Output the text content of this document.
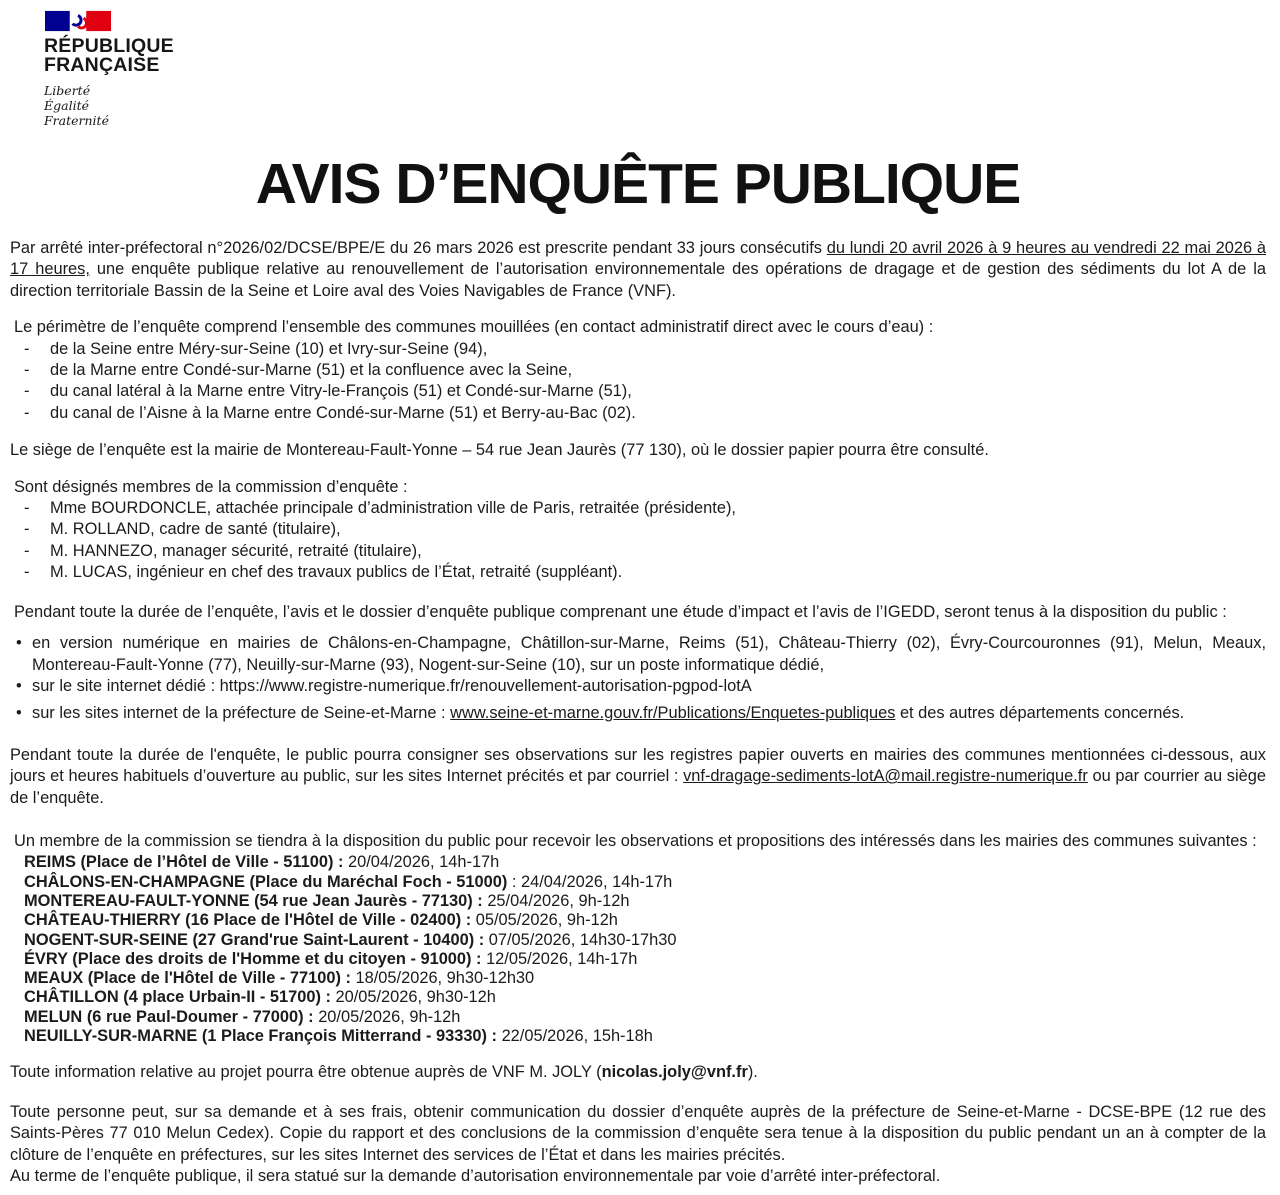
RÉPUBLIQUE
FRANÇAISE
Liberté
Égalité
Fraternité
AVIS D’ENQUÊTE PUBLIQUE

Par arrêté inter-préfectoral n°2026/02/DCSE/BPE/E du 26 mars 2026 est prescrite pendant 33 jours consécutifs du lundi 20 avril 2026 à 9 heures au vendredi 22 mai 2026 à 17 heures, une enquête publique relative au renouvellement de l’autorisation environnementale des opérations de dragage et de gestion des sédiments du lot A de la direction territoriale Bassin de la Seine et Loire aval des Voies Navigables de France (VNF).

Le périmètre de l’enquête comprend l’ensemble des communes mouillées (en contact administratif direct avec le cours d’eau) :
- de la Seine entre Méry-sur-Seine (10) et Ivry-sur-Seine (94),
- de la Marne entre Condé-sur-Marne (51) et la confluence avec la Seine,
- du canal latéral à la Marne entre Vitry-le-François (51) et Condé-sur-Marne (51),
- du canal de l’Aisne à la Marne entre Condé-sur-Marne (51) et Berry-au-Bac (02).

Le siège de l’enquête est la mairie de Montereau-Fault-Yonne – 54 rue Jean Jaurès (77 130), où le dossier papier pourra être consulté.

Sont désignés membres de la commission d’enquête :
- Mme BOURDONCLE, attachée principale d’administration ville de Paris, retraitée (présidente),
- M. ROLLAND, cadre de santé (titulaire),
- M. HANNEZO, manager sécurité, retraité (titulaire),
- M. LUCAS, ingénieur en chef des travaux publics de l’État, retraité (suppléant).

Pendant toute la durée de l’enquête, l’avis et le dossier d’enquête publique comprenant une étude d’impact et l’avis de l’IGEDD, seront tenus à la disposition du public :

• en version numérique en mairies de Châlons-en-Champagne, Châtillon-sur-Marne, Reims (51), Château-Thierry (02), Évry-Courcouronnes (91), Melun, Meaux, Montereau-Fault-Yonne (77), Neuilly-sur-Marne (93), Nogent-sur-Seine (10), sur un poste informatique dédié,
• sur le site internet dédié : https://www.registre-numerique.fr/renouvellement-autorisation-pgpod-lotA
• sur les sites internet de la préfecture de Seine-et-Marne : www.seine-et-marne.gouv.fr/Publications/Enquetes-publiques et des autres départements concernés.

Pendant toute la durée de l'enquête, le public pourra consigner ses observations sur les registres papier ouverts en mairies des communes mentionnées ci-dessous, aux jours et heures habituels d’ouverture au public, sur les sites Internet précités et par courriel : vnf-dragage-sediments-lotA@mail.registre-numerique.fr ou par courrier au siège de l’enquête.

Un membre de la commission se tiendra à la disposition du public pour recevoir les observations et propositions des intéressés dans les mairies des communes suivantes :

REIMS (Place de l’Hôtel de Ville - 51100) : 20/04/2026, 14h-17h
CHÂLONS-EN-CHAMPAGNE (Place du Maréchal Foch - 51000) : 24/04/2026, 14h-17h
MONTEREAU-FAULT-YONNE (54 rue Jean Jaurès - 77130) : 25/04/2026, 9h-12h
CHÂTEAU-THIERRY (16 Place de l'Hôtel de Ville - 02400) : 05/05/2026, 9h-12h
NOGENT-SUR-SEINE (27 Grand'rue Saint-Laurent - 10400) : 07/05/2026, 14h30-17h30
ÉVRY (Place des droits de l'Homme et du citoyen - 91000) : 12/05/2026, 14h-17h
MEAUX (Place de l'Hôtel de Ville - 77100) : 18/05/2026, 9h30-12h30
CHÂTILLON (4 place Urbain-II - 51700) : 20/05/2026, 9h30-12h
MELUN (6 rue Paul-Doumer - 77000) : 20/05/2026, 9h-12h
NEUILLY-SUR-MARNE (1 Place François Mitterrand - 93330) : 22/05/2026, 15h-18h

Toute information relative au projet pourra être obtenue auprès de VNF M. JOLY (nicolas.joly@vnf.fr).

Toute personne peut, sur sa demande et à ses frais, obtenir communication du dossier d’enquête auprès de la préfecture de Seine-et-Marne - DCSE-BPE (12 rue des Saints-Pères 77 010 Melun Cedex). Copie du rapport et des conclusions de la commission d’enquête sera tenue à la disposition du public pendant un an à compter de la clôture de l’enquête en préfectures, sur les sites Internet des services de l’État et dans les mairies précités.

Au terme de l’enquête publique, il sera statué sur la demande d’autorisation environnementale par voie d’arrêté inter-préfectoral.
